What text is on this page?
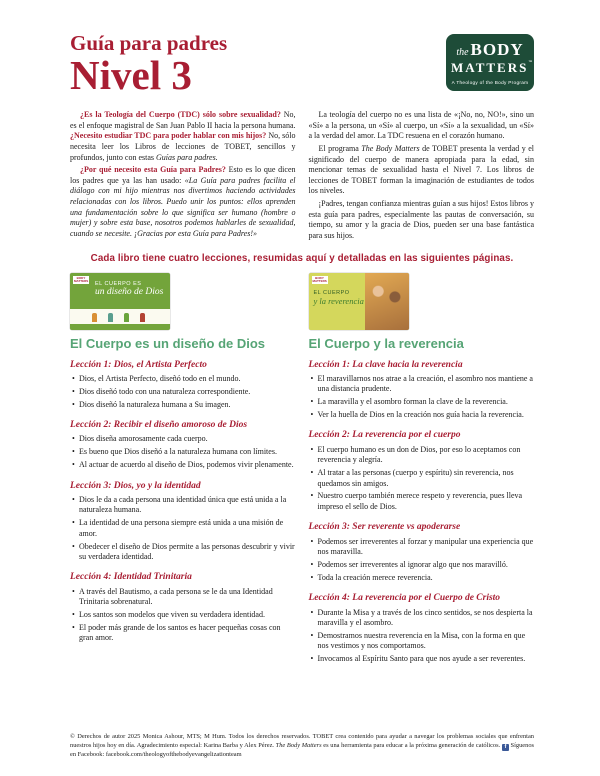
Guía para padres
Nivel 3	the BODY
MATTERS™
A Theology of the Body Program

¿Es la Teología del Cuerpo (TDC) sólo sobre sexualidad? No, es el enfoque magistral de San Juan Pablo II hacia la persona humana. ¿Necesito estudiar TDC para poder hablar con mis hijos? No, sólo necesita leer los Libros de lecciones de TOBET, sencillos y profundos, junto con estas Guías para padres.

¿Por qué necesito esta Guía para Padres? Esto es lo que dicen los padres que ya las han usado: «La Guía para padres facilita el diálogo con mi hijo mientras nos divertimos haciendo actividades relacionadas con los libros. Puedo unir los puntos: ellos aprenden una fundamentación sobre lo que significa ser humano (hombre o mujer) y sobre esta base, nosotros podemos hablarles de sexualidad, cuando se necesite. ¡Gracias por esta Guía para Padres!»

La teología del cuerpo no es una lista de «¡No, no, NO!», sino un «Sí» a la persona, un «Sí» al cuerpo, un «Sí» a la sexualidad, un «Sí» a la verdad del amor. La TDC resuena en el corazón humano.

El programa The Body Matters de TOBET presenta la verdad y el significado del cuerpo de manera apropiada para la edad, sin mencionar temas de sexualidad hasta el Nivel 7. Los libros de lecciones de TOBET forman la imaginación de estudiantes de todos los niveles.

¡Padres, tengan confianza mientras guían a sus hijos! Estos libros y esta guía para padres, especialmente las pautas de conversación, su tiempo, su amor y la gracia de Dios, pueden ser una base fantástica para sus hijos.

Cada libro tiene cuatro lecciones, resumidas aquí y detalladas en las siguientes páginas.
BODY MATTERS EL CUERPO ES
un diseño de Dios
El Cuerpo es un diseño de Dios
Lección 1: Dios, el Artista Perfecto
• Dios, el Artista Perfecto, diseñó todo en el mundo.
• Dios diseñó todo con una naturaleza correspondiente.
• Dios diseñó la naturaleza humana a Su imagen.
Lección 2: Recibir el diseño amoroso de Dios
• Dios diseña amorosamente cada cuerpo.
• Es bueno que Dios diseñó a la naturaleza humana con límites.
• Al actuar de acuerdo al diseño de Dios, podemos vivir plenamente.
Lección 3: Dios, yo y la identidad
• Dios le da a cada persona una identidad única que está unida a la naturaleza humana.
• La identidad de una persona siempre está unida a una misión de amor.
• Obedecer el diseño de Dios permite a las personas descubrir y vivir su verdadera identidad.
Lección 4: Identidad Trinitaria
• A través del Bautismo, a cada persona se le da una Identidad Trinitaria sobrenatural.
• Los santos son modelos que viven su verdadera identidad.
• El poder más grande de los santos es hacer pequeñas cosas con gran amor.
BODY MATTERS
EL CUERPO
y la reverencia
El Cuerpo y la reverencia
Lección 1: La clave hacia la reverencia
• El maravillarnos nos atrae a la creación, el asombro nos mantiene a una distancia prudente.
• La maravilla y el asombro forman la clave de la reverencia.
• Ver la huella de Dios en la creación nos guía hacia la reverencia.
Lección 2: La reverencia por el cuerpo
• El cuerpo humano es un don de Dios, por eso lo aceptamos con reverencia y alegría.
• Al tratar a las personas (cuerpo y espíritu) sin reverencia, nos quedamos sin amigos.
• Nuestro cuerpo también merece respeto y reverencia, pues lleva impreso el sello de Dios.
Lección 3: Ser reverente vs apoderarse
• Podemos ser irreverentes al forzar y manipular una experiencia que nos maravilla.
• Podemos ser irreverentes al ignorar algo que nos maravilló.
• Toda la creación merece reverencia.
Lección 4: La reverencia por el Cuerpo de Cristo
• Durante la Misa y a través de los cinco sentidos, se nos despierta la maravilla y el asombro.
• Demostramos nuestra reverencia en la Misa, con la forma en que nos vestimos y nos comportamos.
• Invocamos al Espíritu Santo para que nos ayude a ser reverentes.
© Derechos de autor 2025 Monica Ashour, MTS; M Hum. Todos los derechos reservados. TOBET crea contenido para ayudar a navegar los problemas sociales que enfrentan nuestros hijos hoy en día. Agradecimiento especial: Karina Barba y Alex Pérez. The Body Matters es una herramienta para educar a la próxima generación de católicos. f Síguenos en Facebook: facebook.com/theologyofthebodyevangelizationteam
